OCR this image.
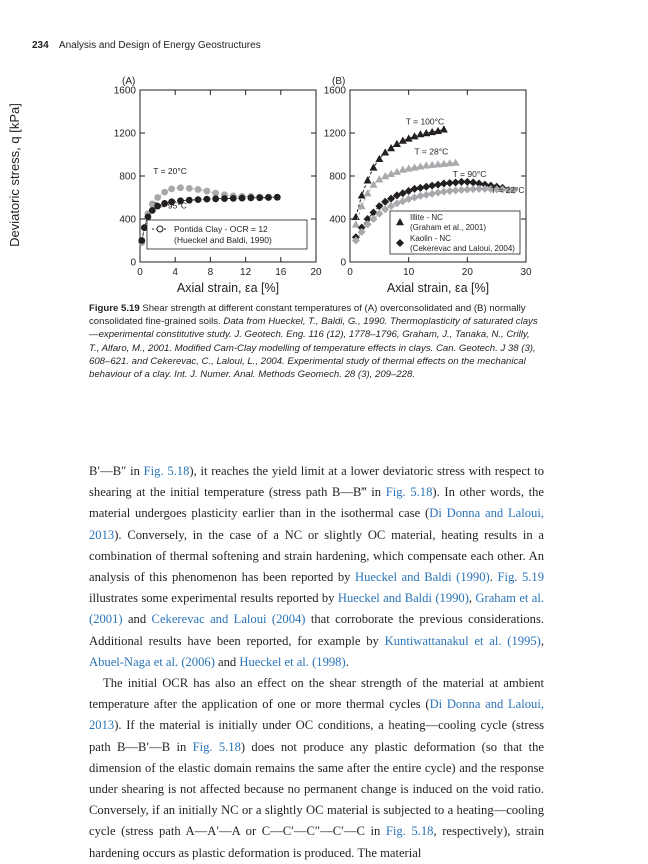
234 Analysis and Design of Energy Geostructures
Deviatoric stress, q [kPa]
(A)
0	4	8	12 16 20
0
400
800
1200
1600
Axial strain, εa [%]
T = 20°C
T = 95°C
Pontida Clay - OCR = 12
(Hueckel and Baldi, 1990)
(B)
0	10	20	30
0
400
800
1200
1600
Axial strain, εa [%]
T = 100°C
T = 28°C
T = 90°C
T = 22°C
Illite - NC
(Graham et al., 2001)
Kaolin - NC
(Cekerevac and Laloui, 2004)
Figure 5.19 Shear strength at different constant temperatures of (A) overconsolidated and (B) normally consolidated fine-grained soils. Data from Hueckel, T., Baldi, G., 1990. Thermoplasticity of saturated clays—experimental constitutive study. J. Geotech. Eng. 116 (12), 1778–1796, Graham, J., Tanaka, N., Crilly, T., Alfaro, M., 2001. Modified Cam-Clay modelling of temperature effects in clays. Can. Geotech. J 38 (3), 608–621. and Cekerevac, C., Laloui, L., 2004. Experimental study of thermal effects on the mechanical behaviour of a clay. Int. J. Numer. Anal. Methods Geomech. 28 (3), 209–228.

B′—B″ in Fig. 5.18), it reaches the yield limit at a lower deviatoric stress with respect to shearing at the initial temperature (stress path B—B‴ in Fig. 5.18). In other words, the material undergoes plasticity earlier than in the isothermal case (Di Donna and Laloui, 2013). Conversely, in the case of a NC or slightly OC material, heating results in a combination of thermal softening and strain hardening, which compensate each other. An analysis of this phenomenon has been reported by Hueckel and Baldi (1990). Fig. 5.19 illustrates some experimental results reported by Hueckel and Baldi (1990), Graham et al. (2001) and Cekerevac and Laloui (2004) that corroborate the previous considerations. Additional results have been reported, for example by Kuntiwattanakul et al. (1995), Abuel-Naga et al. (2006) and Hueckel et al. (1998).

The initial OCR has also an effect on the shear strength of the material at ambient temperature after the application of one or more thermal cycles (Di Donna and Laloui, 2013). If the material is initially under OC conditions, a heating—cooling cycle (stress path B—B′—B in Fig. 5.18) does not produce any plastic deformation (so that the dimension of the elastic domain remains the same after the entire cycle) and the response under shearing is not affected because no permanent change is induced on the void ratio. Conversely, if an initially NC or a slightly OC material is subjected to a heating—cooling cycle (stress path A—A′—A or C—C′—C″—C′—C in Fig. 5.18, respectively), strain hardening occurs as plastic deformation is produced. The material
